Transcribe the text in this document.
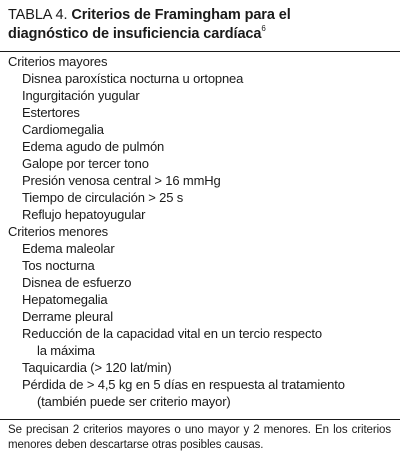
TABLA 4. Criterios de Framingham para el
diagnóstico de insuficiencia cardíaca$^6$
Criterios mayores
Disnea paroxística nocturna u ortopnea
Ingurgitación yugular
Estertores
Cardiomegalia
Edema agudo de pulmón
Galope por tercer tono
Presión venosa central > 16 mmHg
Tiempo de circulación > 25 s
Reflujo hepatoyugular
Criterios menores
Edema maleolar
Tos nocturna
Disnea de esfuerzo
Hepatomegalia
Derrame pleural
Reducción de la capacidad vital en un tercio respecto
la máxima
Taquicardia (> 120 lat/min)
Pérdida de > 4,5 kg en 5 días en respuesta al tratamiento
(también puede ser criterio mayor)
Se precisan 2 criterios mayores o uno mayor y 2 menores. En los criterios menores deben descartarse otras posibles causas.
